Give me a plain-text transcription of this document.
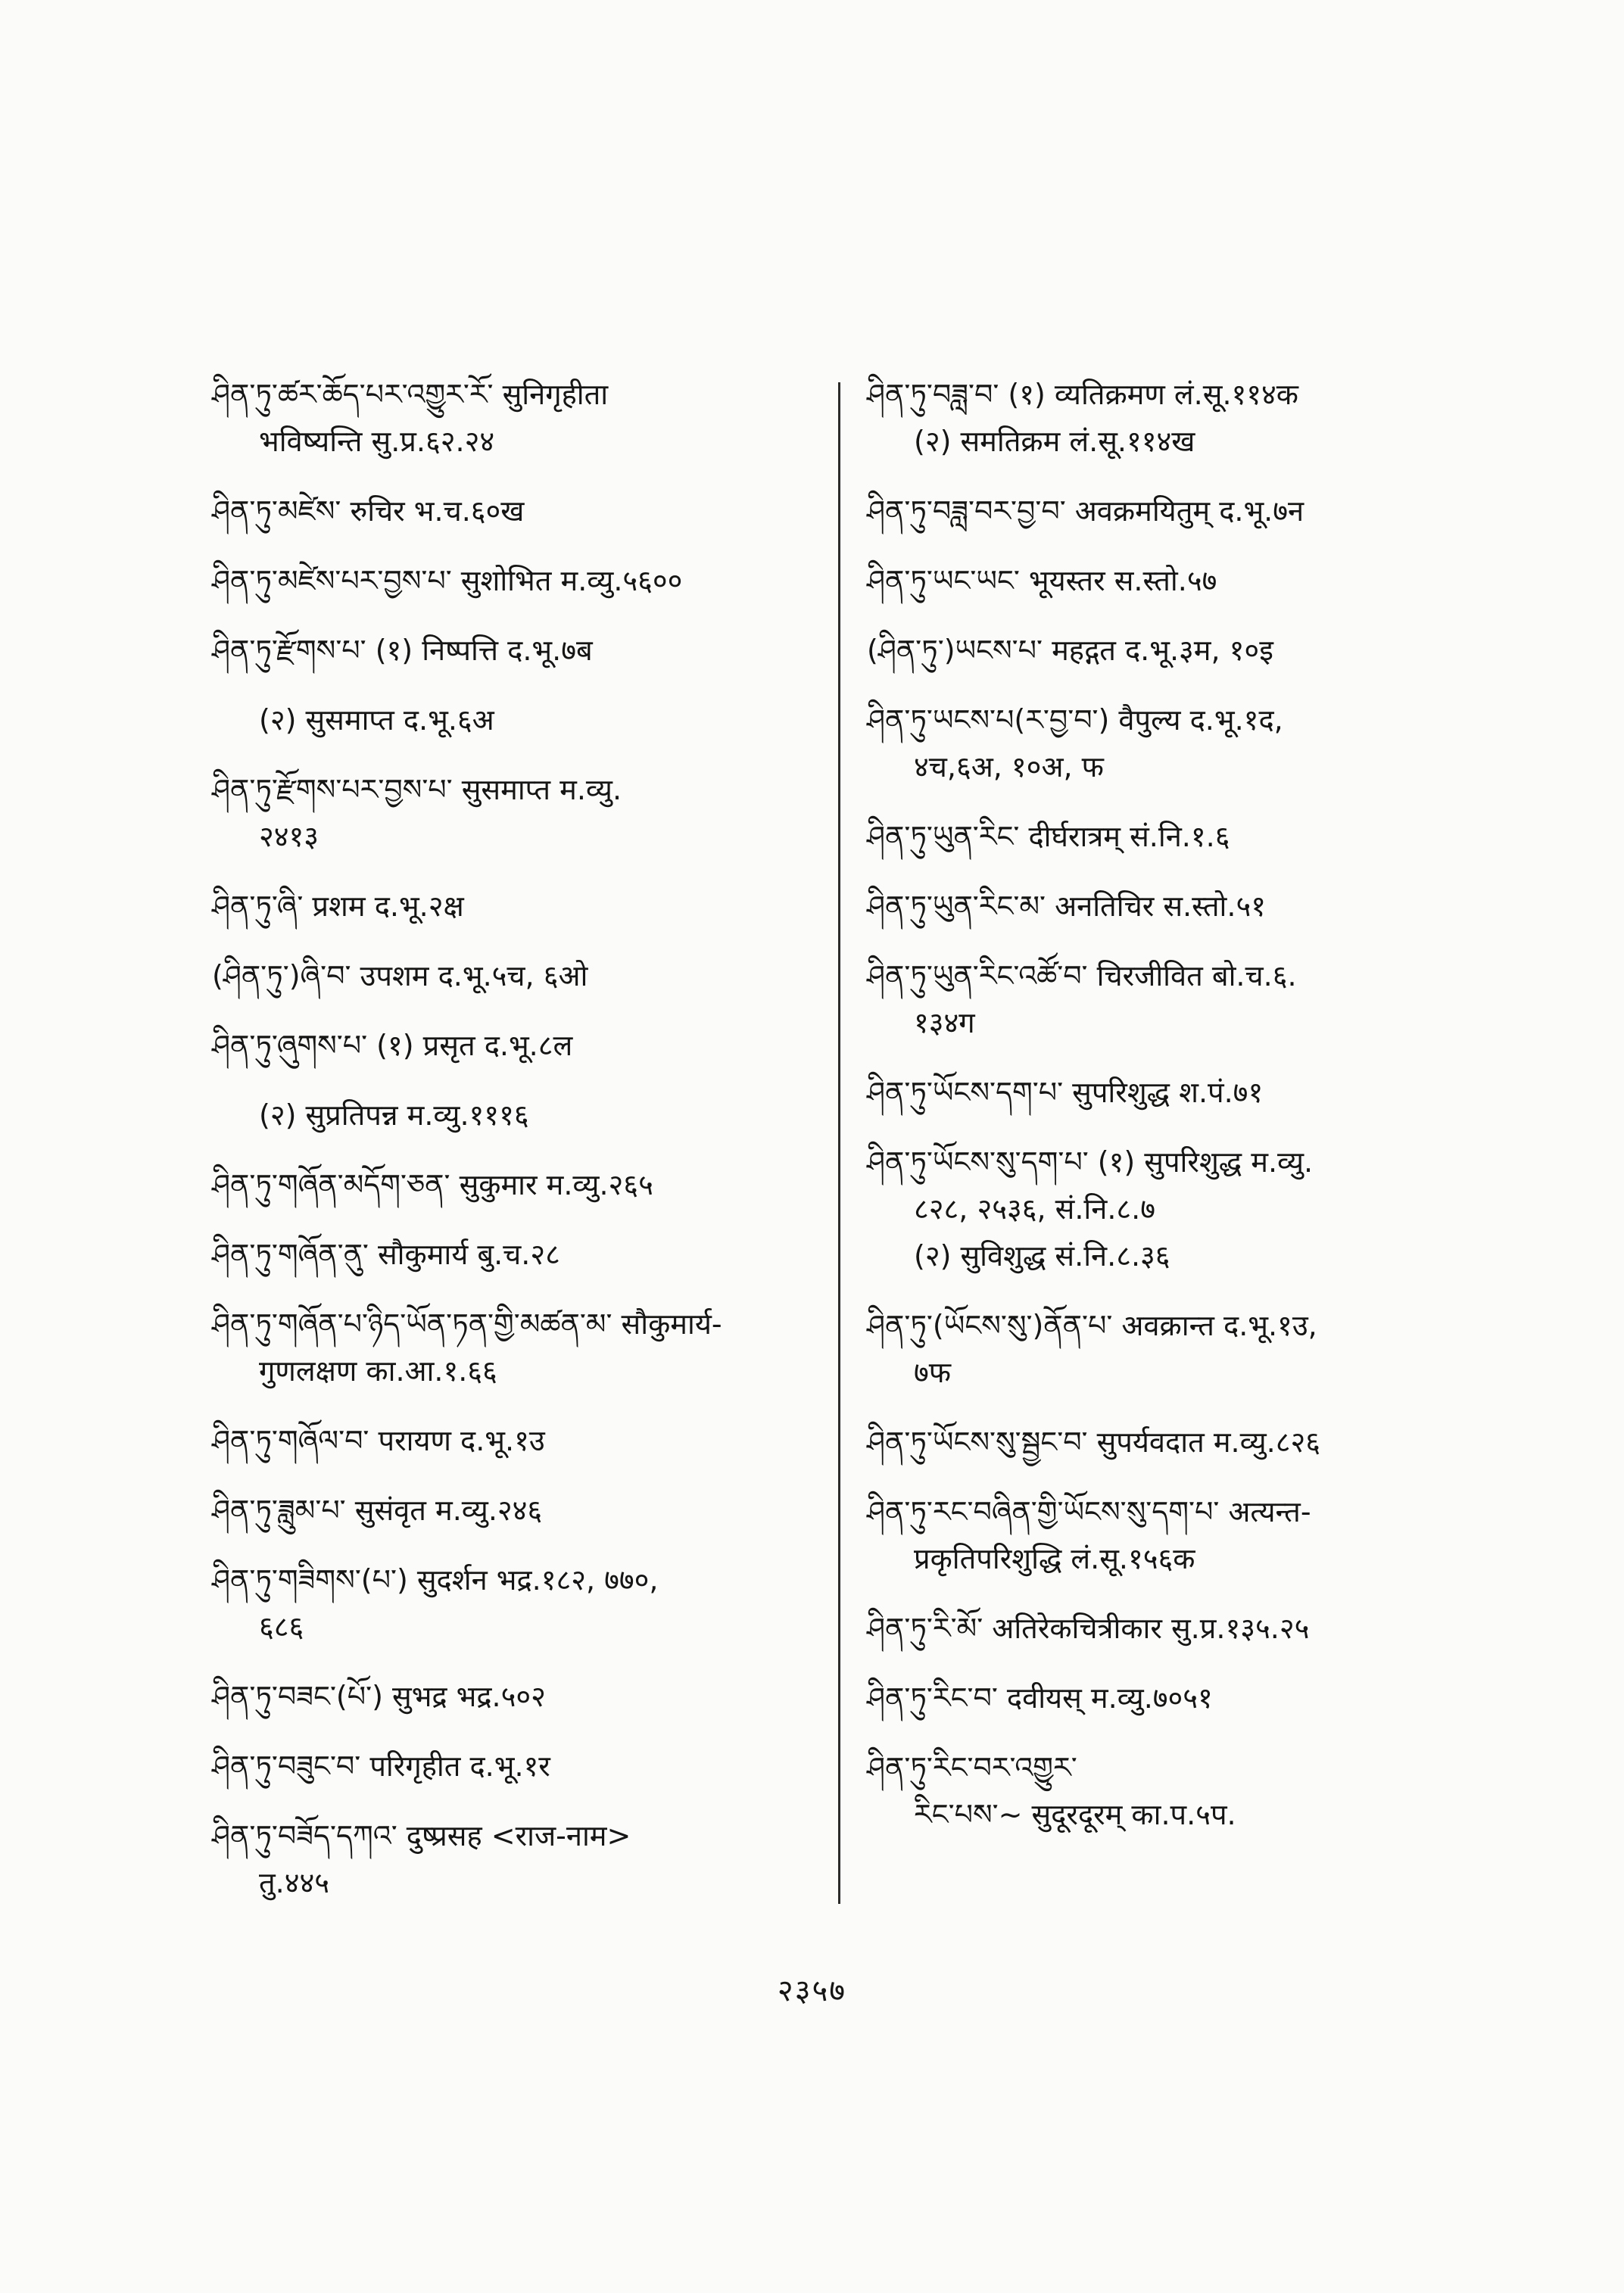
ཤིན་ཏུ་ཚར་ཆོད་པར་འགྱུར་རོ་ सुनिगृहीता
भविष्यन्ति सु.प्र.६२.२४
ཤིན་ཏུ་མཛེས་ रुचिर भ.च.६०ख
ཤིན་ཏུ་མཛེས་པར་བྱས་པ་ सुशोभित म.व्यु.५६००
ཤིན་ཏུ་རྫོགས་པ་ (१) निष्पत्ति द.भू.७ब
(२) सुसमाप्त द.भू.६अ
ཤིན་ཏུ་རྫོགས་པར་བྱས་པ་ सुसमाप्त म.व्यु.
२४१३
ཤིན་ཏུ་ཞི་ प्रशम द.भू.२क्ष
(ཤིན་ཏུ་)ཞི་བ་ उपशम द.भू.५च, ६ओ
ཤིན་ཏུ་ཞུགས་པ་ (१) प्रसृत द.भू.८ल
(२) सुप्रतिपन्न म.व्यु.१११६
ཤིན་ཏུ་གཞོན་མདོག་ཅན་ सुकुमार म.व्यु.२६५
ཤིན་ཏུ་གཞོན་ནུ་ सौकुमार्य बु.च.२८
ཤིན་ཏུ་གཞོན་པ་ཉིད་ཡོན་ཏན་གྱི་མཚན་མ་ सौकुमार्य-
गुणलक्षण का.आ.१.६६
ཤིན་ཏུ་གཞོལ་བ་ परायण द.भू.१उ
ཤིན་ཏུ་ཟླུམ་པ་ सुसंवृत म.व्यु.२४६
ཤིན་ཏུ་གཟིགས་(པ་) सुदर्शन भद्र.१८२, ७७०,
६८६
ཤིན་ཏུ་བཟང་(པོ་) सुभद्र भद्र.५०२
ཤིན་ཏུ་བཟུང་བ་ परिगृहीत द.भू.१र
ཤིན་ཏུ་བཟོད་དཀའ་ दुष्प्रसह <राज-नाम>
तु.४४५
ཤིན་ཏུ་བཟླ་བ་ (१) व्यतिक्रमण लं.सू.११४क
(२) समतिक्रम लं.सू.११४ख
ཤིན་ཏུ་བཟླ་བར་བྱ་བ་ अवक्रमयितुम् द.भू.७न
ཤིན་ཏུ་ཡང་ཡང་ भूयस्तर स.स्तो.५७
(ཤིན་ཏུ་)ཡངས་པ་ महद्गत द.भू.३म, १०इ
ཤིན་ཏུ་ཡངས་པ(ར་བྱ་བ་) वैपुल्य द.भू.१द,
४च,६अ, १०अ, फ
ཤིན་ཏུ་ཡུན་རིང་ दीर्घरात्रम् सं.नि.१.६
ཤིན་ཏུ་ཡུན་རིང་མ་ अनतिचिर स.स्तो.५१
ཤིན་ཏུ་ཡུན་རིང་འཚོ་བ་ चिरजीवित बो.च.६.
१३४ग
ཤིན་ཏུ་ཡོངས་དག་པ་ सुपरिशुद्ध श.पं.७१
ཤིན་ཏུ་ཡོངས་སུ་དག་པ་ (१) सुपरिशुद्ध म.व्यु.
८२८, २५३६, सं.नि.८.७
(२) सुविशुद्ध सं.नि.८.३६
ཤིན་ཏུ་(ཡོངས་སུ་)ནོན་པ་ अवक्रान्त द.भू.१उ,
७फ
ཤིན་ཏུ་ཡོངས་སུ་སྦྱང་བ་ सुपर्यवदात म.व्यु.८२६
ཤིན་ཏུ་རང་བཞིན་གྱི་ཡོངས་སུ་དག་པ་ अत्यन्त-
प्रकृतिपरिशुद्धि लं.सू.१५६क
ཤིན་ཏུ་རི་མོ་ अतिरेकचित्रीकार सु.प्र.१३५.२५
ཤིན་ཏུ་རིང་བ་ दवीयस् म.व्यु.७०५१
ཤིན་ཏུ་རིང་བར་འགྱུར་
རིང་པས་~ सुदूरदूरम् का.प.५प.
२३५७
